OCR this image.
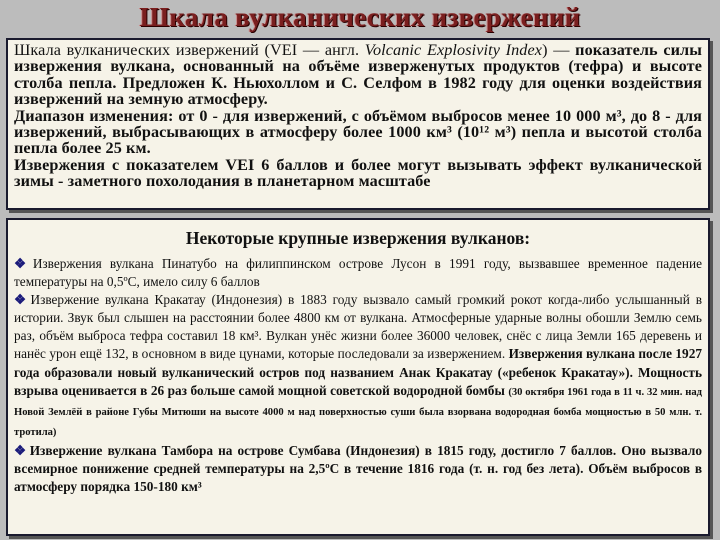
Шкала вулканических извержений

Шкала вулканических извержений (VEI — англ. Volcanic Explosivity Index) — показатель силы извержения вулкана, основанный на объёме изверженутых продуктов (тефра) и высоте столба пепла. Предложен К. Ньюхоллом и С. Селфом в 1982 году для оценки воздействия извержений на земную атмосферу.

Диапазон изменения: от 0 - для извержений, с объёмом выбросов менее 10 000 м³, до 8 - для извержений, выбрасывающих в атмосферу более 1000 км³ (10¹² м³) пепла и высотой столба пепла более 25 км.

Извержения с показателем VEI 6 баллов и более могут вызывать эффект вулканической зимы - заметного похолодания в планетарном масштабе

Некоторые крупные извержения вулканов:

❖ Извержения вулкана Пинатубо на филиппинском острове Лусон в 1991 году, вызвавшее временное падение температуры на 0,5ºС, имело силу 6 баллов

❖ Извержение вулкана Кракатау (Индонезия) в 1883 году вызвало самый громкий рокот когда-либо услышанный в истории. Звук был слышен на расстоянии более 4800 км от вулкана. Атмосферные ударные волны обошли Землю семь раз, объём выброса тефра составил 18 км³. Вулкан унёс жизни более 36000 человек, снёс с лица Земли 165 деревень и нанёс урон ещё 132, в основном в виде цунами, которые последовали за извержением. Извержения вулкана после 1927 года образовали новый вулканический остров под названием Анак Кракатау («ребенок Кракатау»). Мощность взрыва оценивается в 26 раз больше самой мощной советской водородной бомбы (30 октября 1961 года в 11 ч. 32 мин. над Новой Землёй в районе Губы Митюши на высоте 4000 м над поверхностью суши была взорвана водородная бомба мощностью в 50 млн. т. тротила)

❖ Извержение вулкана Тамбора на острове Сумбава (Индонезия) в 1815 году, достигло 7 баллов. Оно вызвало всемирное понижение средней температуры на 2,5ºС в течение 1816 года (т. н. год без лета). Объём выбросов в атмосферу порядка 150-180 км³
